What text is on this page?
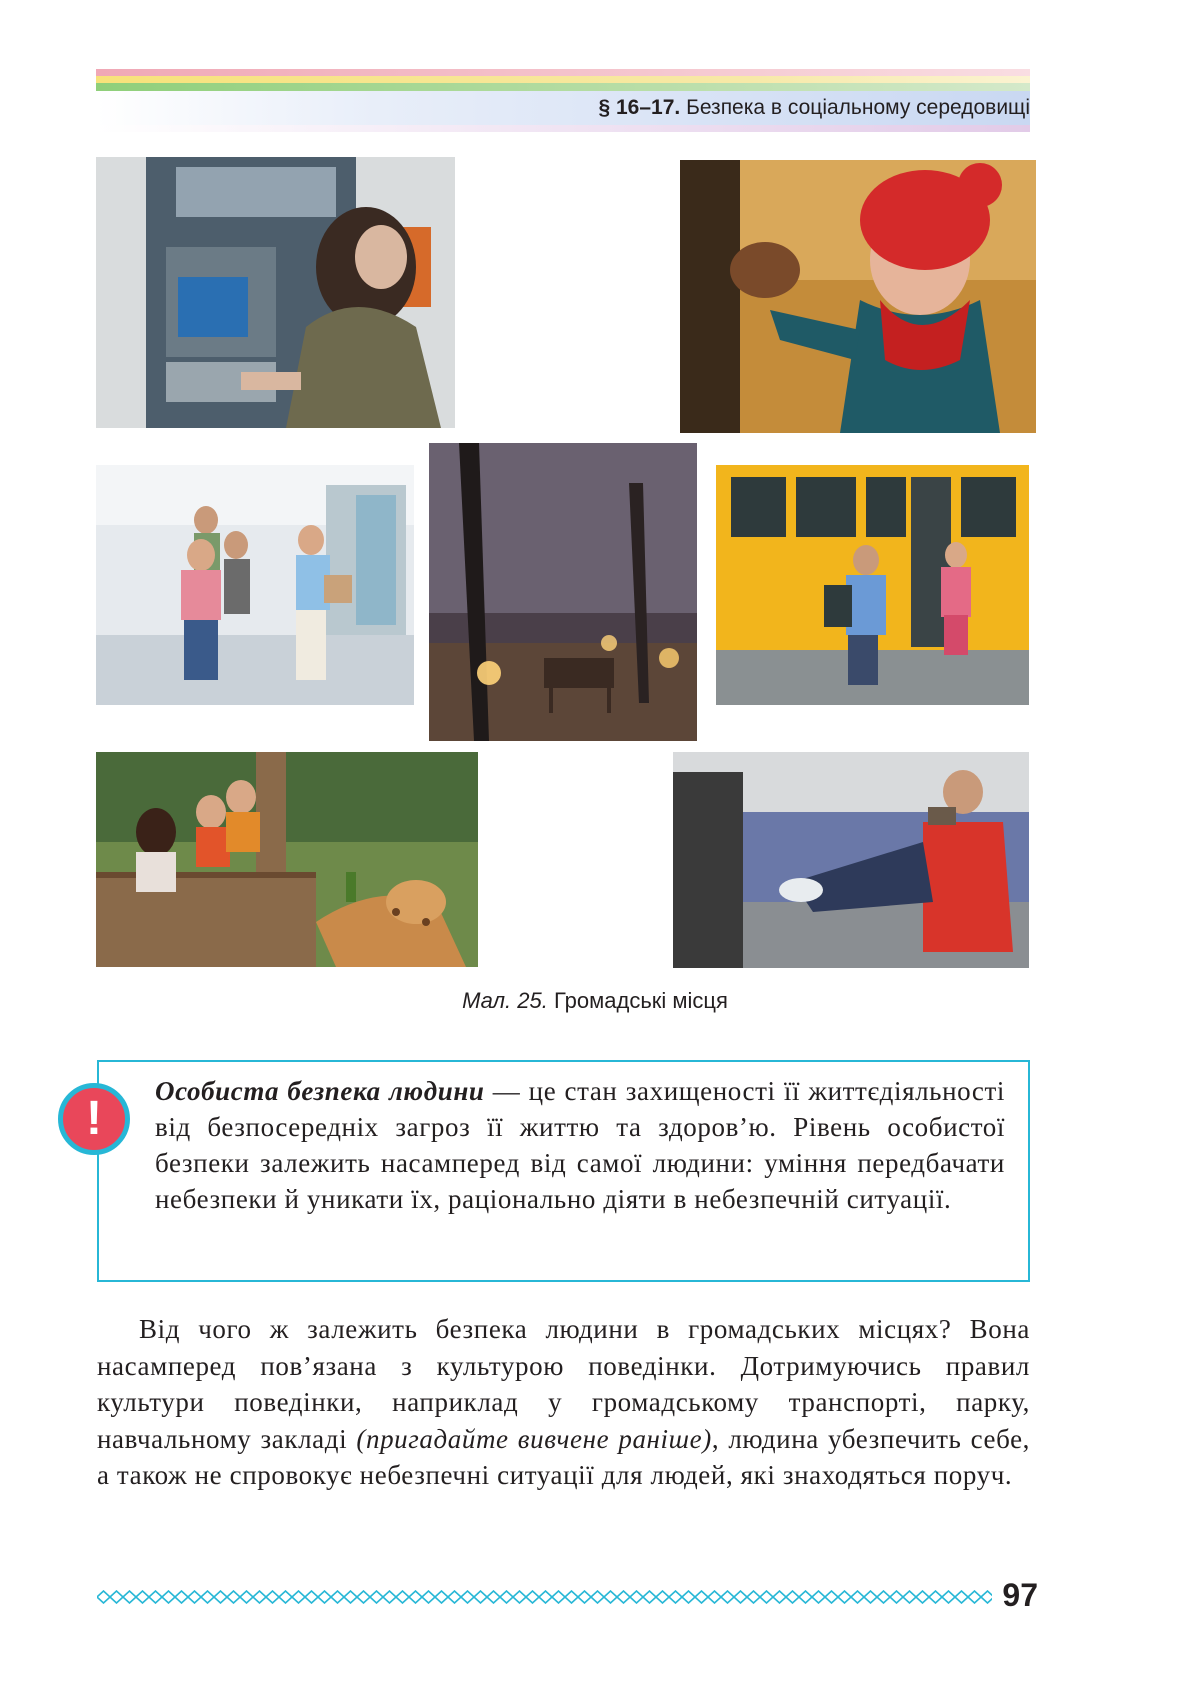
§ 16–17. Безпека в соціальному середовищі
Мал. 25. Громадські місця
!
Особиста безпека людини — це стан захищеності її життєдіяльності від безпосередніх загроз її життю та здоров’ю. Рівень особистої безпеки залежить насамперед від самої людини: уміння передбачати небезпеки й уникати їх, раціонально діяти в небезпечній ситуації.
Від чого ж залежить безпека людини в громадських місцях? Вона насамперед пов’язана з культурою поведінки. Дотримуючись правил культури поведінки, наприклад у громадському транспорті, парку, навчальному закладі (пригадайте вивчене раніше), людина убезпечить себе, а також не спровокує небезпечні ситуації для людей, які знаходяться поруч.
97
